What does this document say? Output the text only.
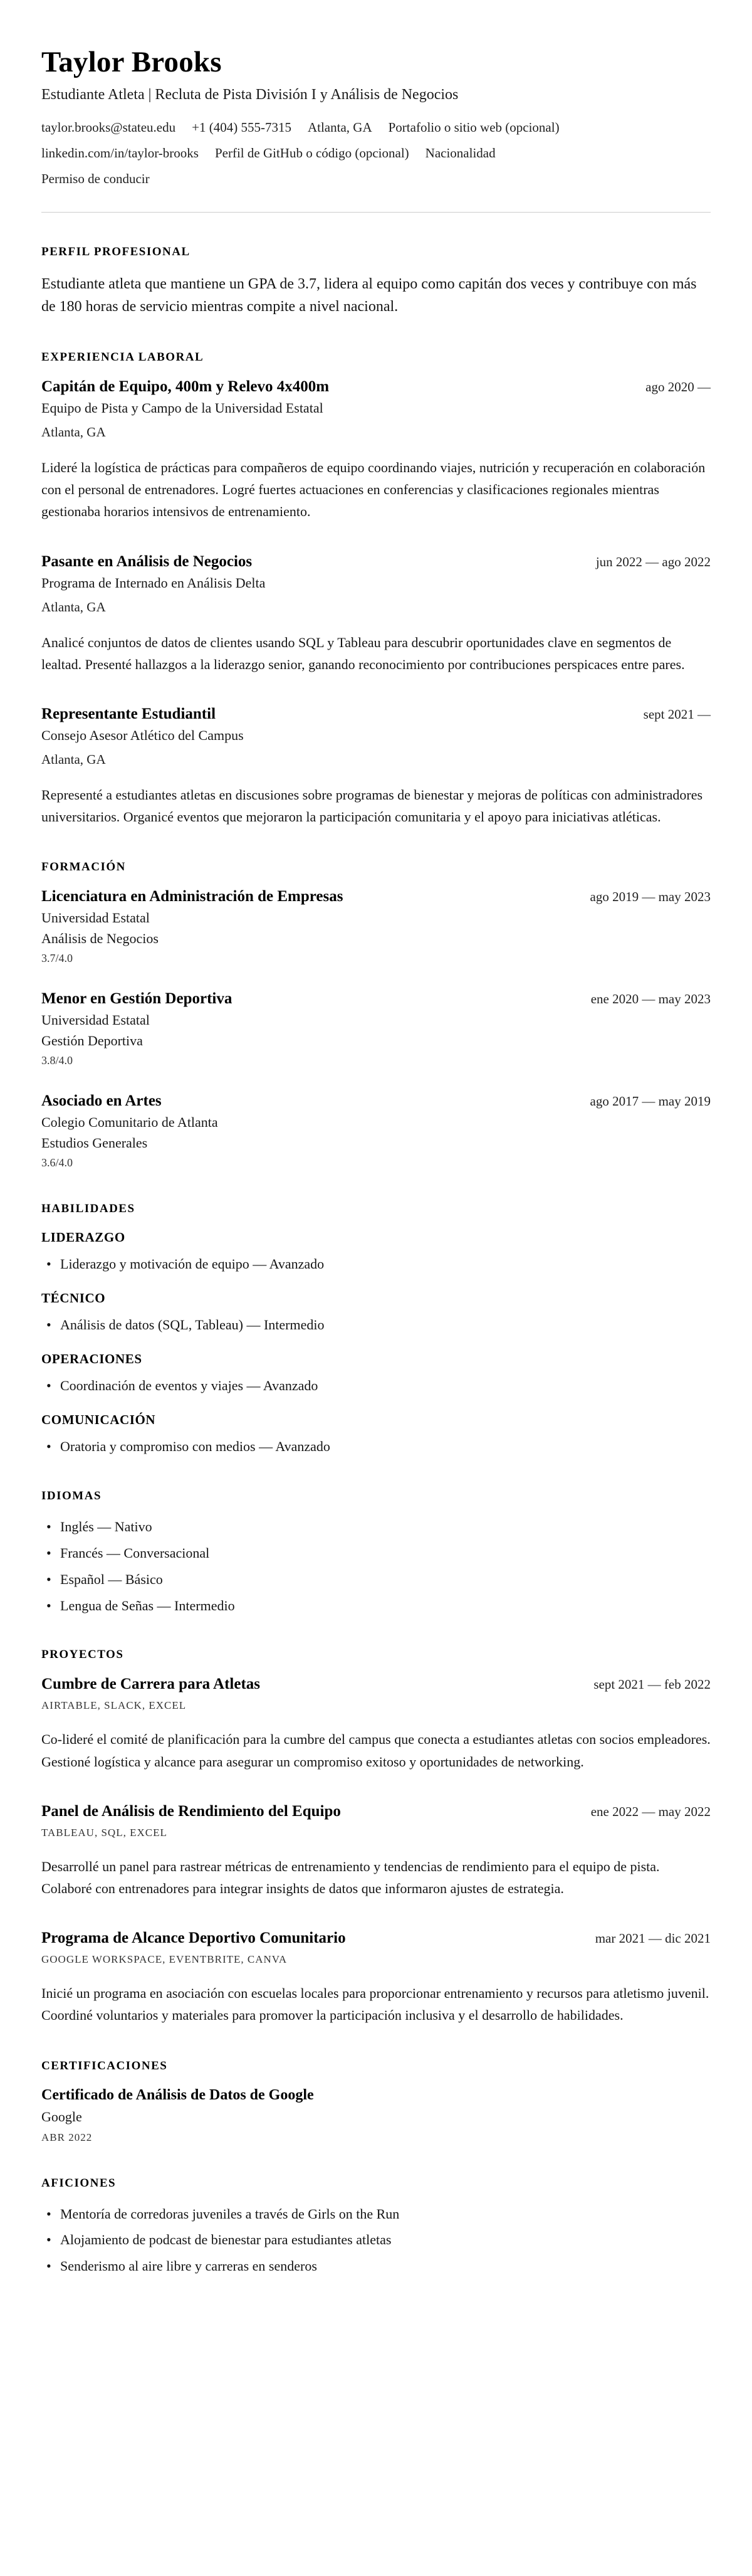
Taylor Brooks
Estudiante Atleta | Recluta de Pista División I y Análisis de Negocios
taylor.brooks@stateu.edu +1 (404) 555-7315 Atlanta, GA Portafolio o sitio web (opcional)
linkedin.com/in/taylor-brooks Perfil de GitHub o código (opcional) Nacionalidad
Permiso de conducir
PERFIL PROFESIONAL

Estudiante atleta que mantiene un GPA de 3.7, lidera al equipo como capitán dos veces y contribuye con más de 180 horas de servicio mientras compite a nivel nacional.

EXPERIENCIA LABORAL
Capitán de Equipo, 400m y Relevo 4x400m	ago 2020 —
Equipo de Pista y Campo de la Universidad Estatal
Atlanta, GA

Lideré la logística de prácticas para compañeros de equipo coordinando viajes, nutrición y recuperación en colaboración con el personal de entrenadores. Logré fuertes actuaciones en conferencias y clasificaciones regionales mientras gestionaba horarios intensivos de entrenamiento.

Pasante en Análisis de Negocios	jun 2022 — ago 2022
Programa de Internado en Análisis Delta
Atlanta, GA

Analicé conjuntos de datos de clientes usando SQL y Tableau para descubrir oportunidades clave en segmentos de lealtad. Presenté hallazgos a la liderazgo senior, ganando reconocimiento por contribuciones perspicaces entre pares.

Representante Estudiantil	sept 2021 —
Consejo Asesor Atlético del Campus
Atlanta, GA

Representé a estudiantes atletas en discusiones sobre programas de bienestar y mejoras de políticas con administradores universitarios. Organicé eventos que mejoraron la participación comunitaria y el apoyo para iniciativas atléticas.

FORMACIÓN
Licenciatura en Administración de Empresas	ago 2019 — may 2023
Universidad Estatal
Análisis de Negocios
3.7/4.0
Menor en Gestión Deportiva	ene 2020 — may 2023
Universidad Estatal
Gestión Deportiva
3.8/4.0
Asociado en Artes	ago 2017 — may 2019
Colegio Comunitario de Atlanta
Estudios Generales
3.6/4.0
HABILIDADES
LIDERAZGO
• Liderazgo y motivación de equipo — Avanzado
TÉCNICO
• Análisis de datos (SQL, Tableau) — Intermedio
OPERACIONES
• Coordinación de eventos y viajes — Avanzado
COMUNICACIÓN
• Oratoria y compromiso con medios — Avanzado
IDIOMAS
• Inglés — Nativo
• Francés — Conversacional
• Español — Básico
• Lengua de Señas — Intermedio
PROYECTOS
Cumbre de Carrera para Atletas	sept 2021 — feb 2022
AIRTABLE, SLACK, EXCEL

Co-lideré el comité de planificación para la cumbre del campus que conecta a estudiantes atletas con socios empleadores. Gestioné logística y alcance para asegurar un compromiso exitoso y oportunidades de networking.

Panel de Análisis de Rendimiento del Equipo	ene 2022 — may 2022
TABLEAU, SQL, EXCEL

Desarrollé un panel para rastrear métricas de entrenamiento y tendencias de rendimiento para el equipo de pista. Colaboré con entrenadores para integrar insights de datos que informaron ajustes de estrategia.

Programa de Alcance Deportivo Comunitario	mar 2021 — dic 2021
GOOGLE WORKSPACE, EVENTBRITE, CANVA

Inicié un programa en asociación con escuelas locales para proporcionar entrenamiento y recursos para atletismo juvenil. Coordiné voluntarios y materiales para promover la participación inclusiva y el desarrollo de habilidades.

CERTIFICACIONES
Certificado de Análisis de Datos de Google
Google
ABR 2022
AFICIONES
• Mentoría de corredoras juveniles a través de Girls on the Run
• Alojamiento de podcast de bienestar para estudiantes atletas
• Senderismo al aire libre y carreras en senderos
